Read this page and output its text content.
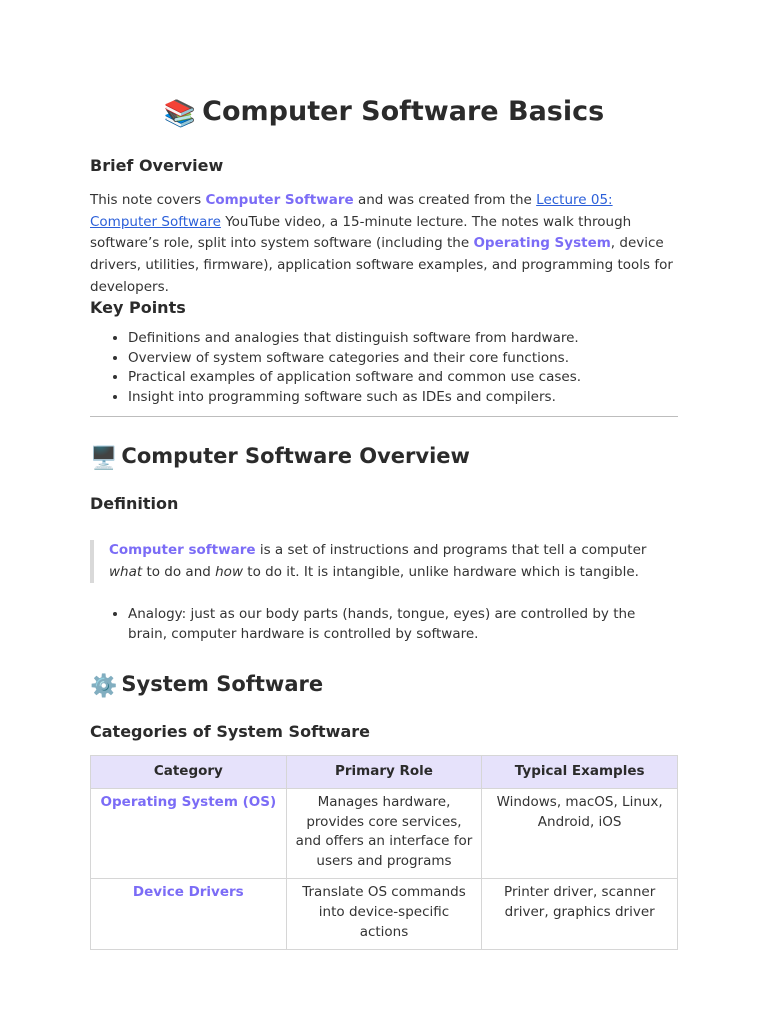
📚 Computer Software Basics
Brief Overview

This note covers Computer Software and was created from the Lecture 05: Computer Software YouTube video, a 15-minute lecture. The notes walk through software’s role, split into system software (including the Operating System, device drivers, utilities, firmware), application software examples, and programming tools for developers.

Key Points
• Definitions and analogies that distinguish software from hardware.
• Overview of system software categories and their core functions.
• Practical examples of application software and common use cases.
• Insight into programming software such as IDEs and compilers.
🖥️ Computer Software Overview
Definition
Computer software is a set of instructions and programs that tell a computer what to do and how to do it. It is intangible, unlike hardware which is tangible.
• Analogy: just as our body parts (hands, tongue, eyes) are controlled by the brain, computer hardware is controlled by software.
⚙️ System Software
Categories of System Software
Category	Primary Role	Typical Examples
Operating System (OS)	Manages hardware, provides core services, and offers an interface for users and programs	Windows, macOS, Linux, Android, iOS
Device Drivers	Translate OS commands into device-specific actions	Printer driver, scanner driver, graphics driver
